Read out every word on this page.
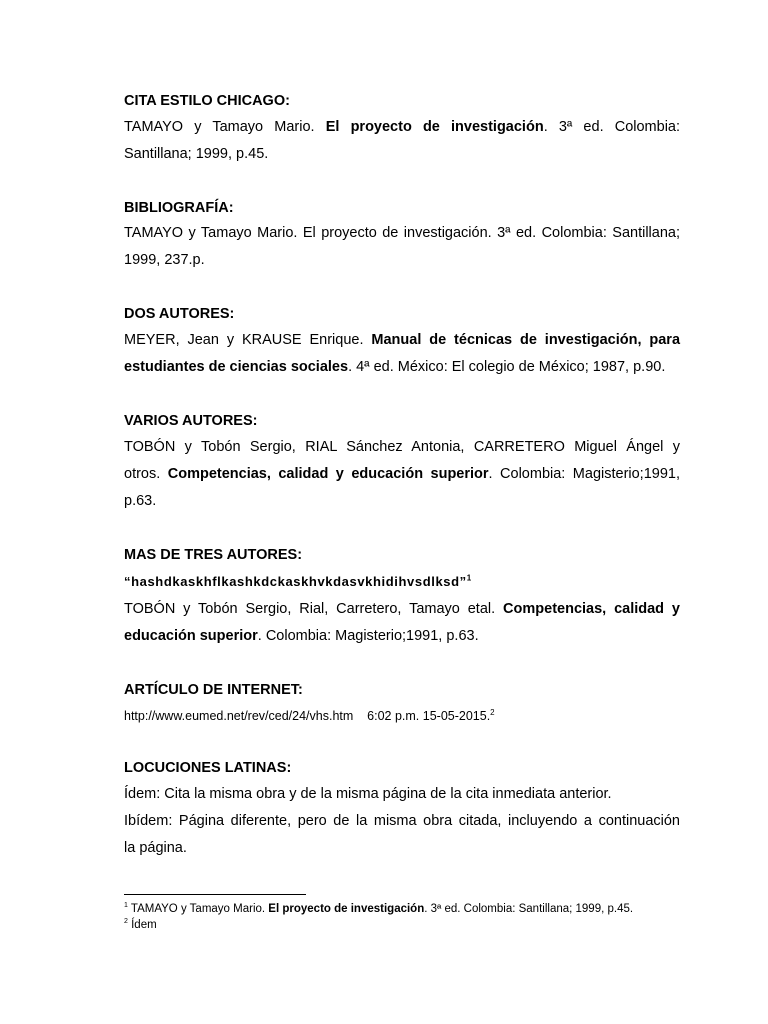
CITA ESTILO CHICAGO:
TAMAYO y Tamayo Mario. El proyecto de investigación. 3ª ed. Colombia:
Santillana; 1999, p.45.
BIBLIOGRAFÍA:
TAMAYO y Tamayo Mario. El proyecto de investigación. 3ª ed. Colombia: Santillana;
1999, 237.p.
DOS AUTORES:
MEYER, Jean y KRAUSE Enrique. Manual de técnicas de investigación, para
estudiantes de ciencias sociales. 4ª ed. México: El colegio de México; 1987, p.90.
VARIOS AUTORES:
TOBÓN y Tobón Sergio, RIAL Sánchez Antonia, CARRETERO Miguel Ángel y
otros. Competencias, calidad y educación superior. Colombia: Magisterio;1991,
p.63.
MAS DE TRES AUTORES:
“hashdkaskhflkashkdckaskhvkdasvkhidihvsdlksd”$^1$
TOBÓN y Tobón Sergio, Rial, Carretero, Tamayo etal. Competencias, calidad y
educación superior. Colombia: Magisterio;1991, p.63.
ARTÍCULO DE INTERNET:
http://www.eumed.net/rev/ced/24/vhs.htm    6:02 p.m. 15-05-2015.$^2$
LOCUCIONES LATINAS:
Ídem: Cita la misma obra y de la misma página de la cita inmediata anterior.
Ibídem: Página diferente, pero de la misma obra citada, incluyendo a continuación
la página.
$^1$ TAMAYO y Tamayo Mario. El proyecto de investigación. 3ª ed. Colombia: Santillana; 1999, p.45.
$^2$ Ídem
